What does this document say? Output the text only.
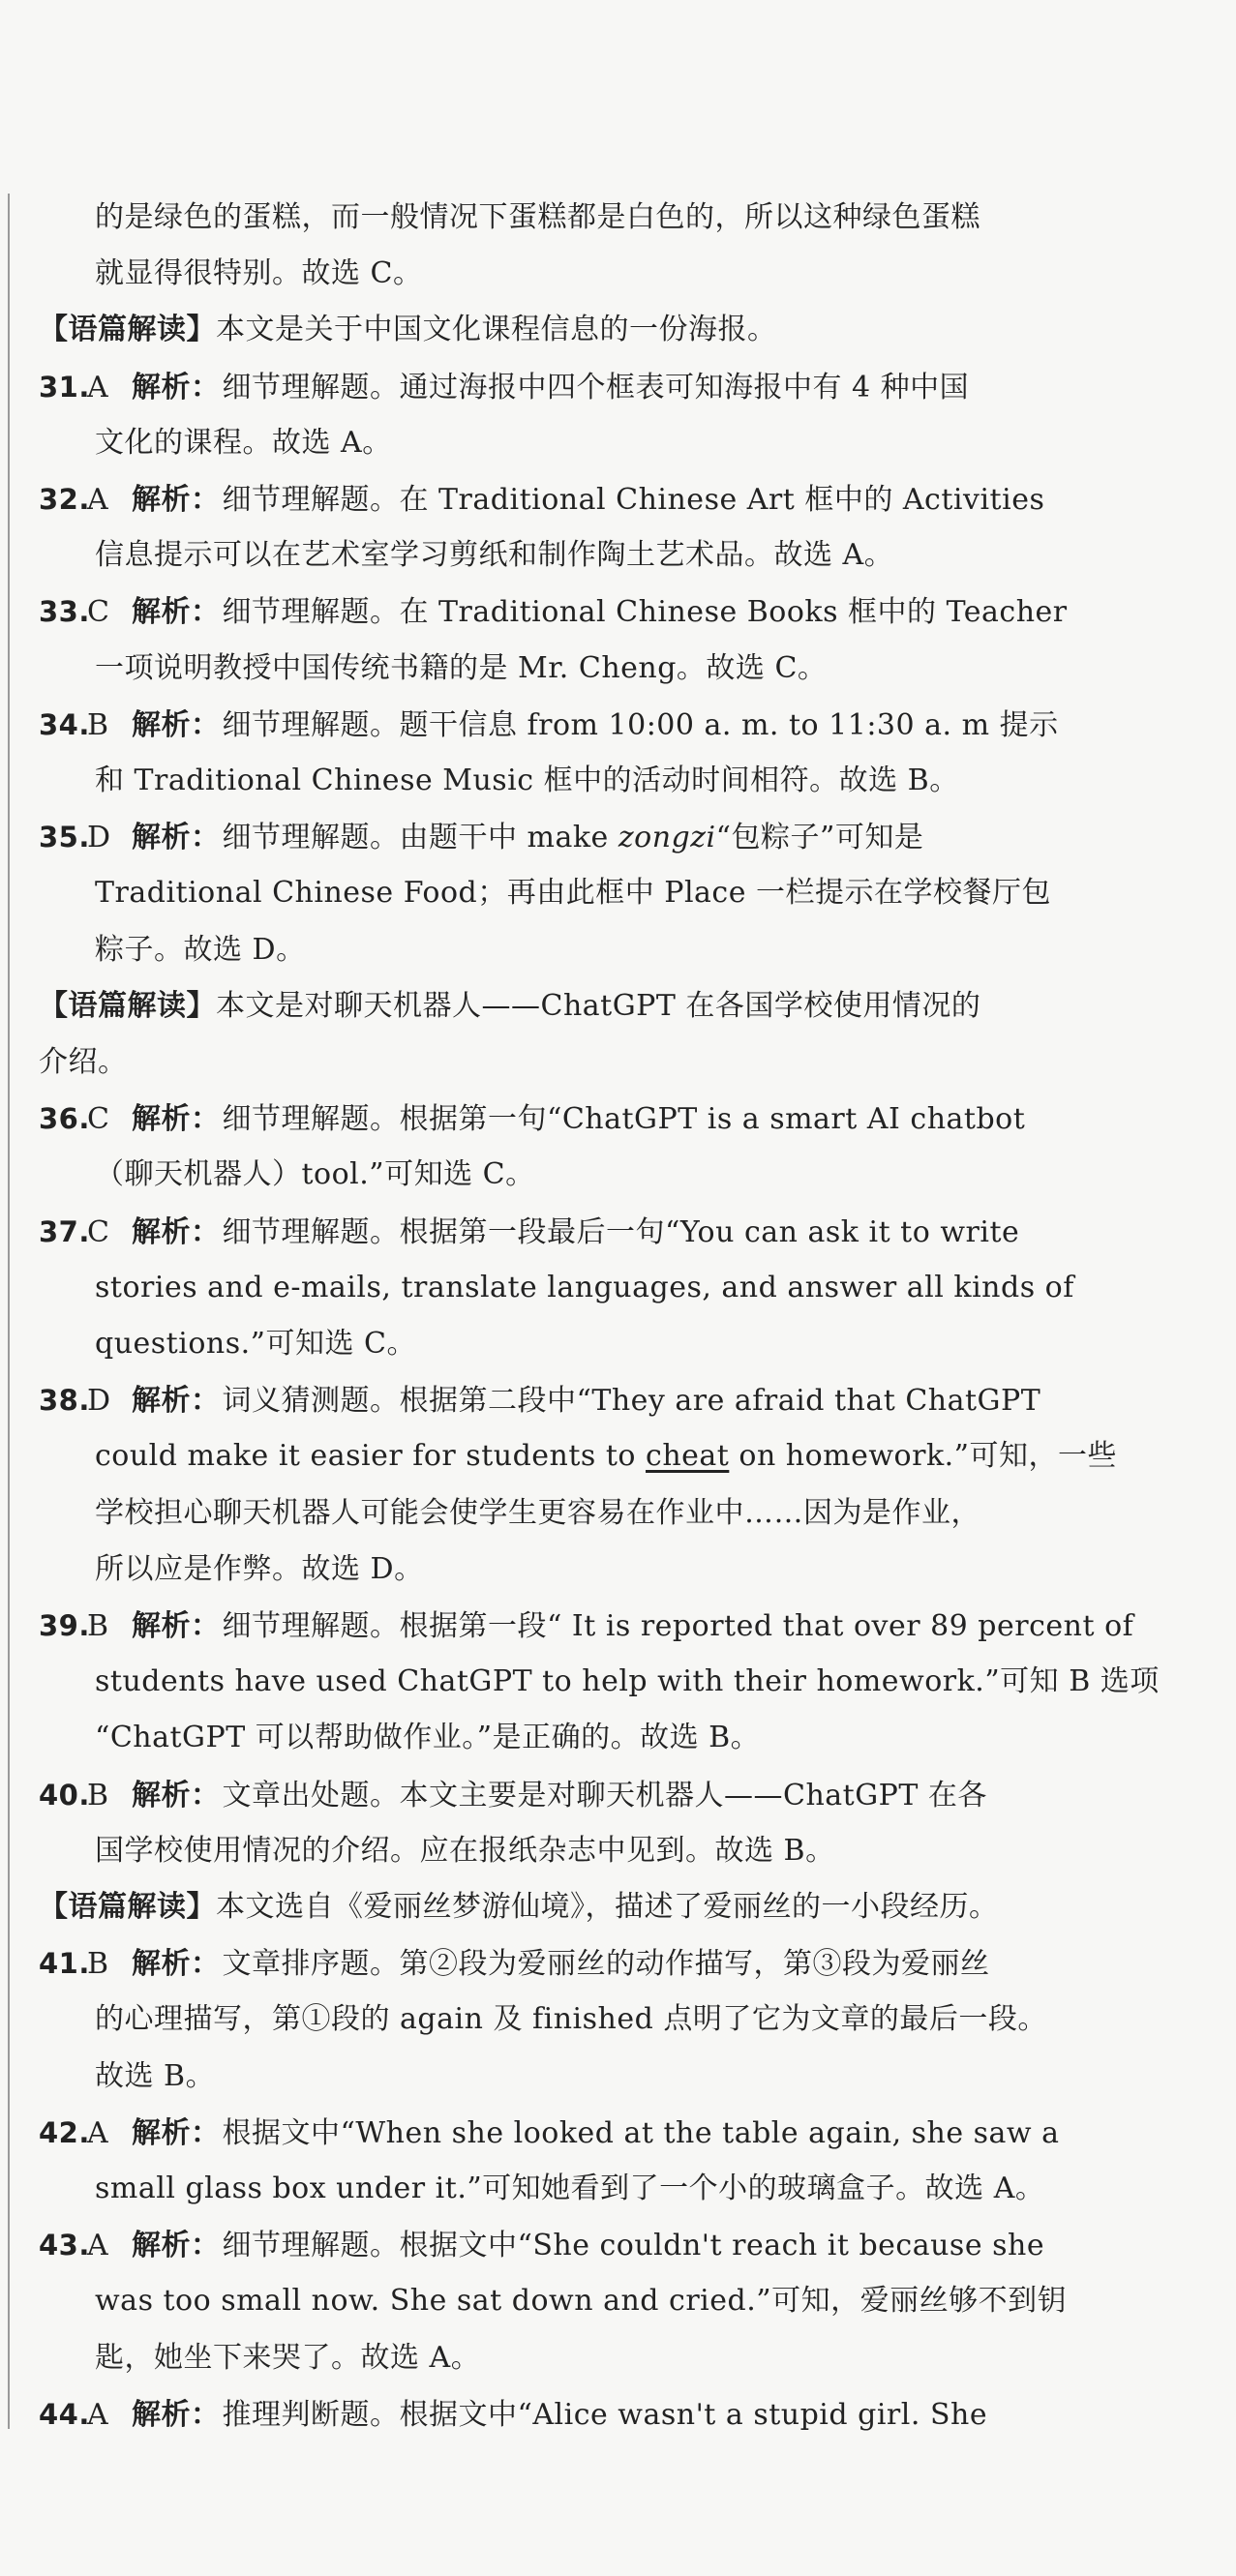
的是绿色的蛋糕，而一般情况下蛋糕都是白色的，所以这种绿色蛋糕
就显得很特别。故选 C。
【语篇解读】本文是关于中国文化课程信息的一份海报。
31.A 解析：细节理解题。通过海报中四个框表可知海报中有 4 种中国
文化的课程。故选 A。
32.A 解析：细节理解题。在 Traditional Chinese Art 框中的 Activities
信息提示可以在艺术室学习剪纸和制作陶土艺术品。故选 A。
33.C 解析：细节理解题。在 Traditional Chinese Books 框中的 Teacher
一项说明教授中国传统书籍的是 Mr. Cheng。故选 C。
34.B 解析：细节理解题。题干信息 from 10:00 a. m. to 11:30 a. m 提示
和 Traditional Chinese Music 框中的活动时间相符。故选 B。
35.D 解析：细节理解题。由题干中 make zongzi“包粽子”可知是
Traditional Chinese Food；再由此框中 Place 一栏提示在学校餐厅包
粽子。故选 D。
【语篇解读】本文是对聊天机器人——ChatGPT 在各国学校使用情况的
介绍。
36.C 解析：细节理解题。根据第一句“ChatGPT is a smart AI chatbot
（聊天机器人）tool.”可知选 C。
37.C 解析：细节理解题。根据第一段最后一句“You can ask it to write
stories and e-mails, translate languages, and answer all kinds of
questions.”可知选 C。
38.D 解析：词义猜测题。根据第二段中“They are afraid that ChatGPT
could make it easier for students to cheat on homework.”可知，一些
学校担心聊天机器人可能会使学生更容易在作业中……因为是作业，
所以应是作弊。故选 D。
39.B 解析：细节理解题。根据第一段“ It is reported that over 89 percent of
students have used ChatGPT to help with their homework.”可知 B 选项
“ChatGPT 可以帮助做作业。”是正确的。故选 B。
40.B 解析：文章出处题。本文主要是对聊天机器人——ChatGPT 在各
国学校使用情况的介绍。应在报纸杂志中见到。故选 B。
【语篇解读】本文选自《爱丽丝梦游仙境》，描述了爱丽丝的一小段经历。
41.B 解析：文章排序题。第②段为爱丽丝的动作描写，第③段为爱丽丝
的心理描写，第①段的 again 及 finished 点明了它为文章的最后一段。
故选 B。
42.A 解析：根据文中“When she looked at the table again, she saw a
small glass box under it.”可知她看到了一个小的玻璃盒子。故选 A。
43.A 解析：细节理解题。根据文中“She couldn't reach it because she
was too small now. She sat down and cried.”可知，爱丽丝够不到钥
匙，她坐下来哭了。故选 A。
44.A 解析：推理判断题。根据文中“Alice wasn't a stupid girl. She
